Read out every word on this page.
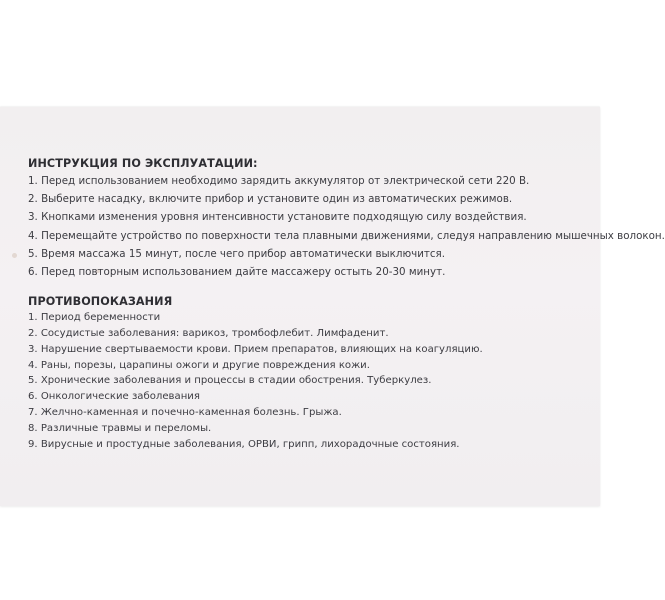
ИНСТРУКЦИЯ ПО ЭКСПЛУАТАЦИИ:

1. Перед использованием необходимо зарядить аккумулятор от электрической сети 220 В.
2. Выберите насадку, включите прибор и установите один из автоматических режимов.
3. Кнопками изменения уровня интенсивности установите подходящую силу воздействия.
4. Перемещайте устройство по поверхности тела плавными движениями, следуя направлению мышечных волокон.
5. Время массажа 15 минут, после чего прибор автоматически выключится.
6. Перед повторным использованием дайте массажеру остыть 20-30 минут.

ПРОТИВОПОКАЗАНИЯ

1. Период беременности
2. Сосудистые заболевания: варикоз, тромбофлебит. Лимфаденит.
3. Нарушение свертываемости крови. Прием препаратов, влияющих на коагуляцию.
4. Раны, порезы, царапины ожоги и другие повреждения кожи.
5. Хронические заболевания и процессы в стадии обострения. Туберкулез.
6. Онкологические заболевания
7. Желчно-каменная и почечно-каменная болезнь. Грыжа.
8. Различные травмы и переломы.
9. Вирусные и простудные заболевания, ОРВИ, грипп, лихорадочные состояния.
